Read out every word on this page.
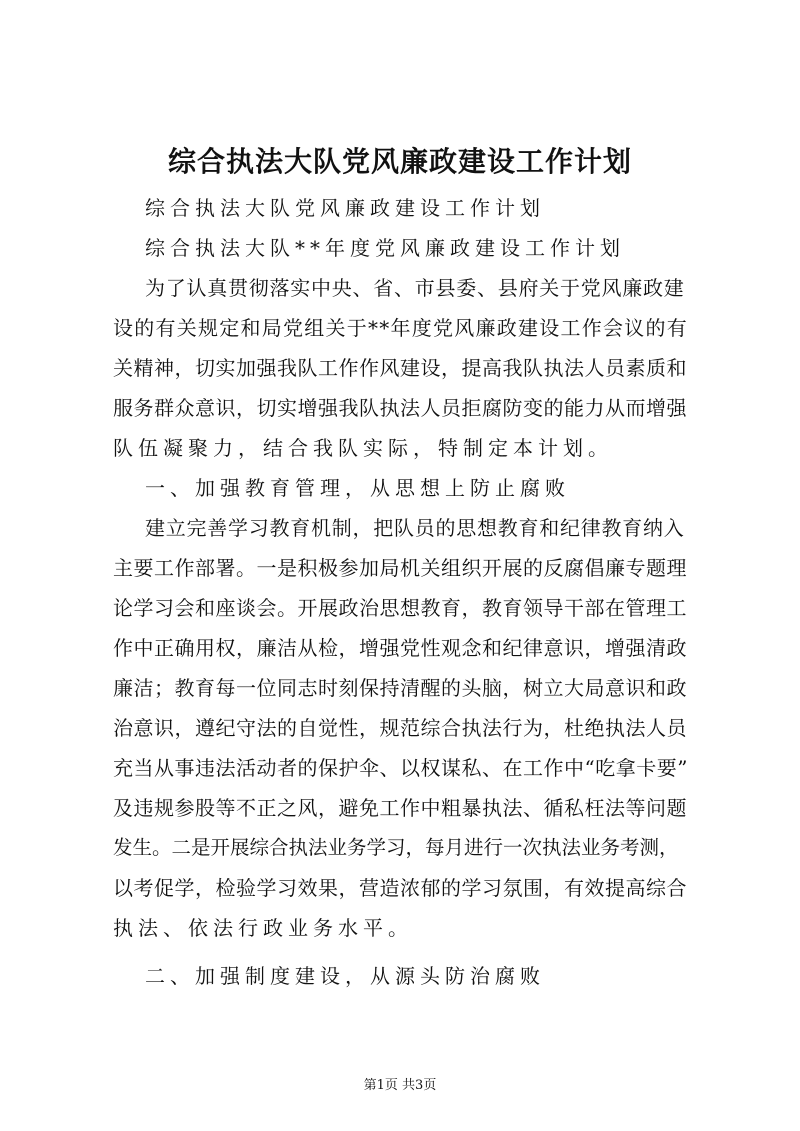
综合执法大队党风廉政建设工作计划
综合执法大队党风廉政建设工作计划
综合执法大队**年度党风廉政建设工作计划
为了认真贯彻落实中央、省、市县委、县府关于党风廉政建
设的有关规定和局党组关于**年度党风廉政建设工作会议的有
关精神，切实加强我队工作作风建设，提高我队执法人员素质和
服务群众意识，切实增强我队执法人员拒腐防变的能力从而增强
队伍凝聚力，结合我队实际，特制定本计划。
一、加强教育管理，从思想上防止腐败
建立完善学习教育机制，把队员的思想教育和纪律教育纳入
主要工作部署。一是积极参加局机关组织开展的反腐倡廉专题理
论学习会和座谈会。开展政治思想教育，教育领导干部在管理工
作中正确用权，廉洁从检，增强党性观念和纪律意识，增强清政
廉洁；教育每一位同志时刻保持清醒的头脑，树立大局意识和政
治意识，遵纪守法的自觉性，规范综合执法行为，杜绝执法人员
充当从事违法活动者的保护伞、以权谋私、在工作中“吃拿卡要”
及违规参股等不正之风，避免工作中粗暴执法、循私枉法等问题
发生。二是开展综合执法业务学习，每月进行一次执法业务考测，
以考促学，检验学习效果，营造浓郁的学习氛围，有效提高综合
执法、依法行政业务水平。
二、加强制度建设，从源头防治腐败
第1页 共3页
